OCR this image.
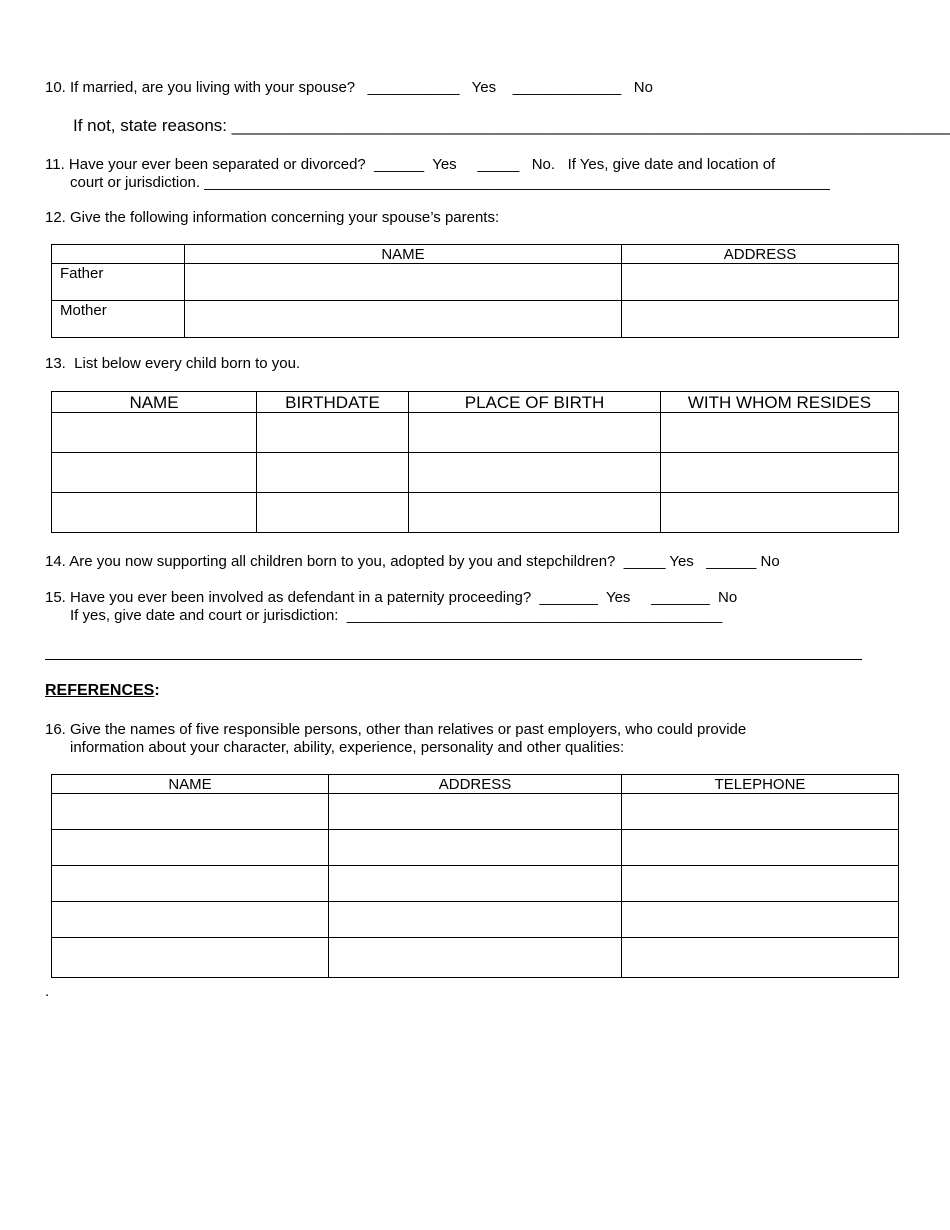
10. If married, are you living with your spouse?   ___________   Yes    _____________   No
If not, state reasons: ____________________________________________________________________________
11. Have your ever been separated or divorced?  ______  Yes     _____   No.   If Yes, give date and location of
court or jurisdiction. ___________________________________________________________________________
12. Give the following information concerning your spouse’s parents:
	NAME	ADDRESS
Father		
Mother		
13.  List below every child born to you.
NAME	BIRTHDATE	PLACE OF BIRTH	WITH WHOM RESIDES

14. Are you now supporting all children born to you, adopted by you and stepchildren?  _____ Yes   ______ No
15. Have you ever been involved as defendant in a paternity proceeding?  _______  Yes     _______  No
If yes, give date and court or jurisdiction:  _____________________________________________
REFERENCES:
16. Give the names of five responsible persons, other than relatives or past employers, who could provide
information about your character, ability, experience, personality and other qualities:
NAME	ADDRESS	TELEPHONE

.
